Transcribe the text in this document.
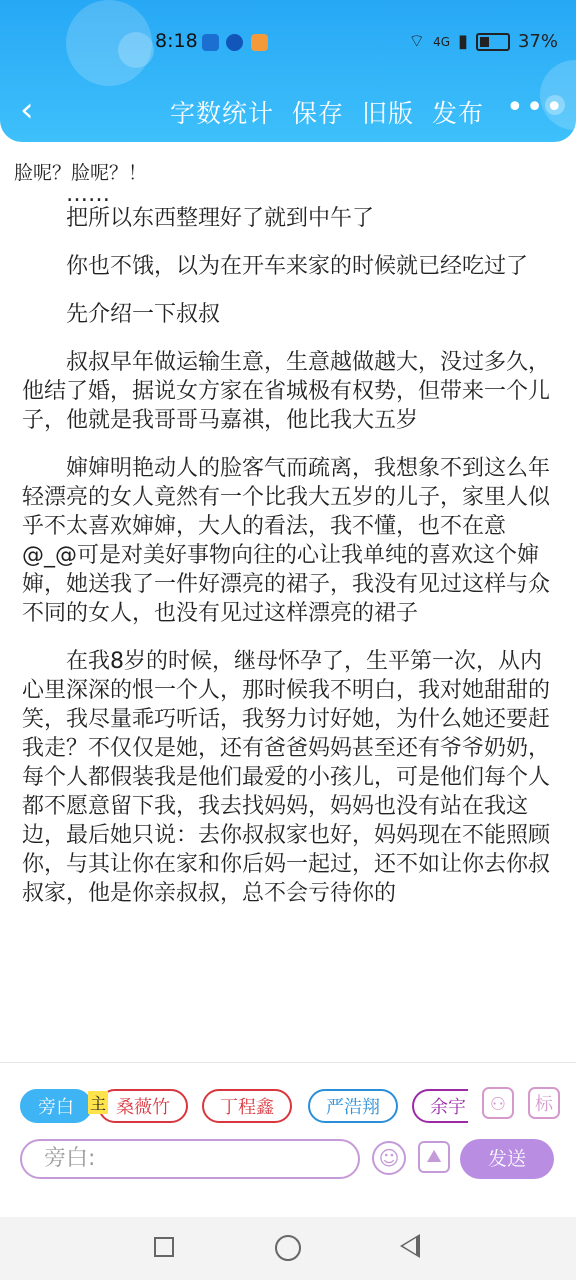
8:18	⌔ 4G ▮	37%
‹	字数统计 保存 旧版 发布 •••
脸呢？脸呢？！

……

把所以东西整理好了就到中午了

你也不饿，以为在开车来家的时候就已经吃过了

先介绍一下叔叔

叔叔早年做运输生意，生意越做越大，没过多久，他结了婚，据说女方家在省城极有权势，但带来一个儿子，他就是我哥哥马嘉祺，他比我大五岁

婶婶明艳动人的脸客气而疏离，我想象不到这么年轻漂亮的女人竟然有一个比我大五岁的儿子，家里人似乎不太喜欢婶婶，大人的看法，我不懂，也不在意@_@可是对美好事物向往的心让我单纯的喜欢这个婶婶，她送我了一件好漂亮的裙子，我没有见过这样与众不同的女人，也没有见过这样漂亮的裙子

在我8岁的时候，继母怀孕了，生平第一次，从内心里深深的恨一个人，那时候我不明白，我对她甜甜的笑，我尽量乖巧听话，我努力讨好她，为什么她还要赶我走？不仅仅是她，还有爸爸妈妈甚至还有爷爷奶奶，每个人都假装我是他们最爱的小孩儿，可是他们每个人都不愿意留下我，我去找妈妈，妈妈也没有站在我这边，最后她只说：去你叔叔家也好，妈妈现在不能照顾你，与其让你在家和你后妈一起过，还不如让你去你叔叔家，他是你亲叔叔，总不会亏待你的

旁白	桑薇竹	丁程鑫	严浩翔	余宇
主	⚇	标
旁白:	☺	⛰	发送
